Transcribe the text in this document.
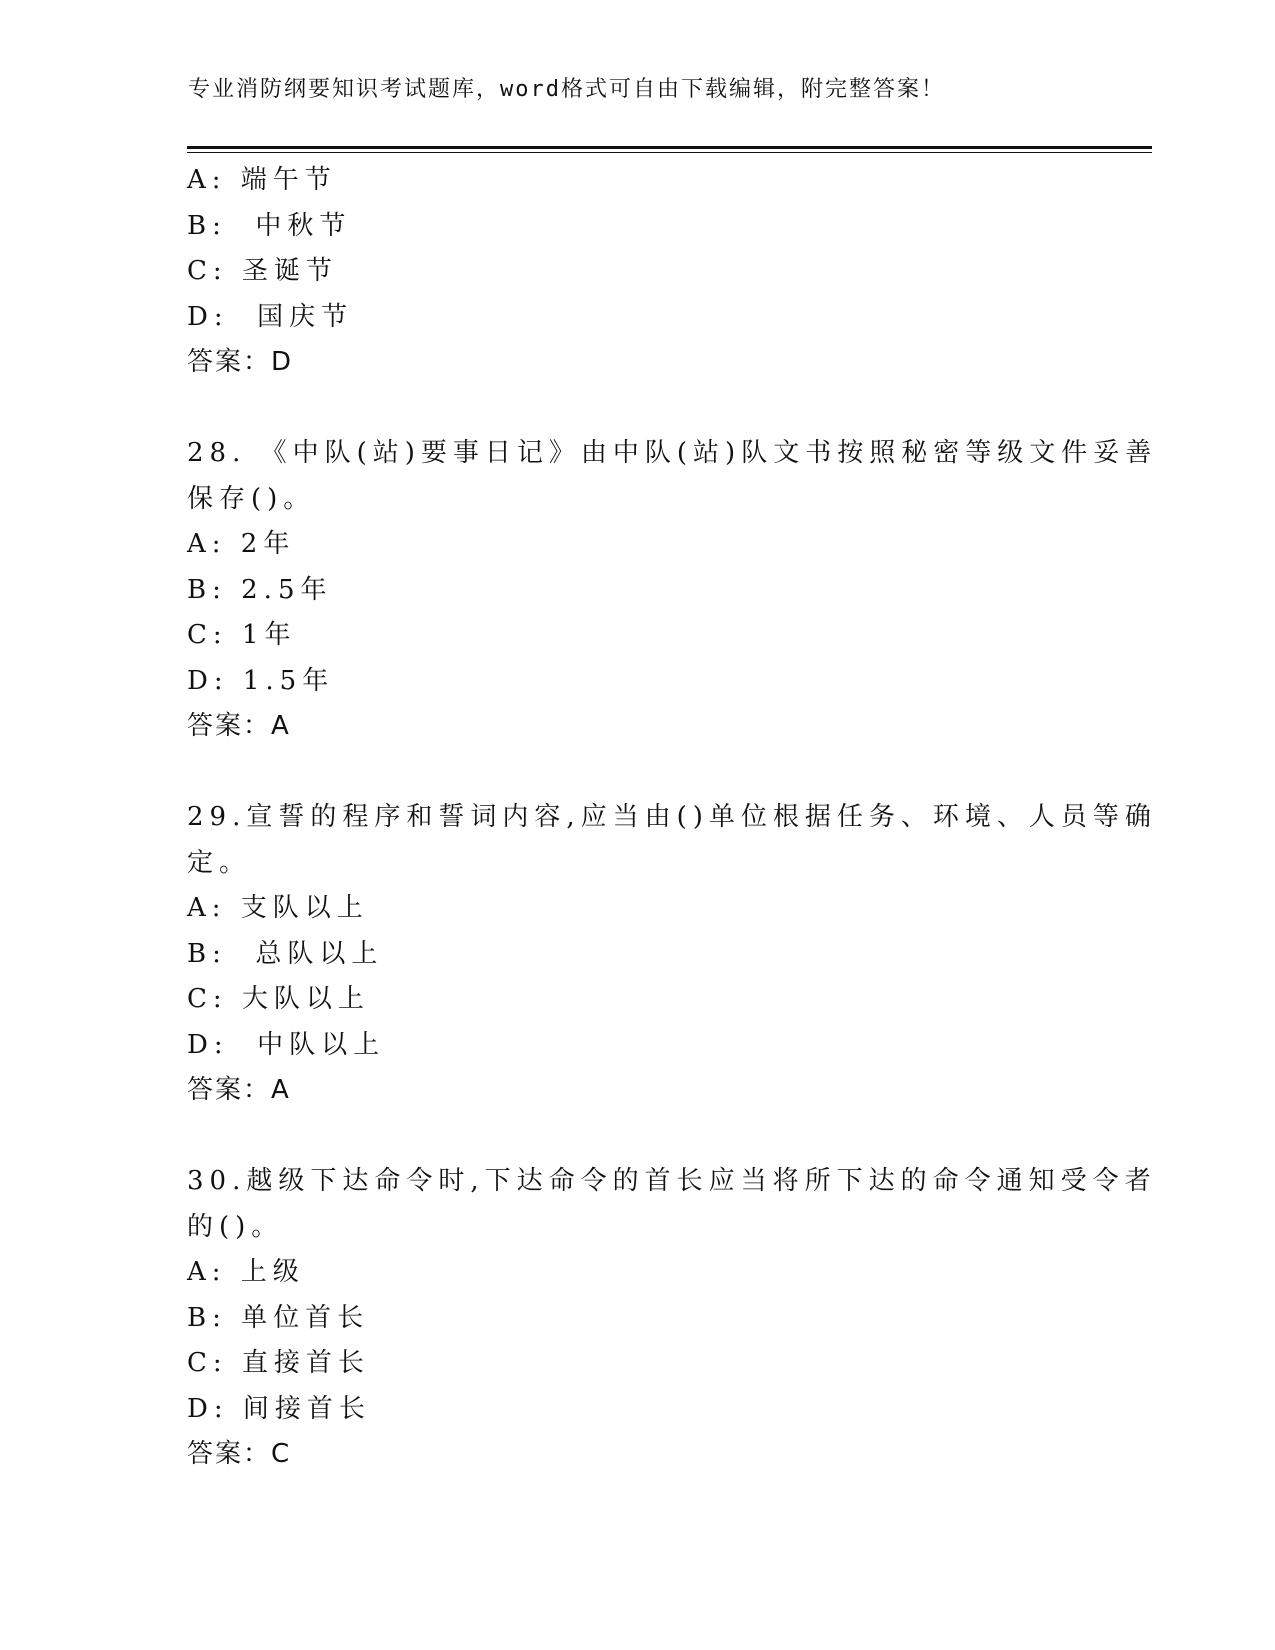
专业消防纲要知识考试题库，word格式可自由下载编辑，附完整答案！
A: 端午节
B:  中秋节
C: 圣诞节
D:  国庆节
答案：D
28. 《中队(站)要事日记》由中队(站)队文书按照秘密等级文件妥善
保存()。
A: 2年
B: 2.5年
C: 1年
D: 1.5年
答案：A
29.宣誓的程序和誓词内容,应当由()单位根据任务、环境、人员等确
定。
A: 支队以上
B:  总队以上
C: 大队以上
D:  中队以上
答案：A
30.越级下达命令时,下达命令的首长应当将所下达的命令通知受令者
的()。
A: 上级
B: 单位首长
C: 直接首长
D: 间接首长
答案：C
